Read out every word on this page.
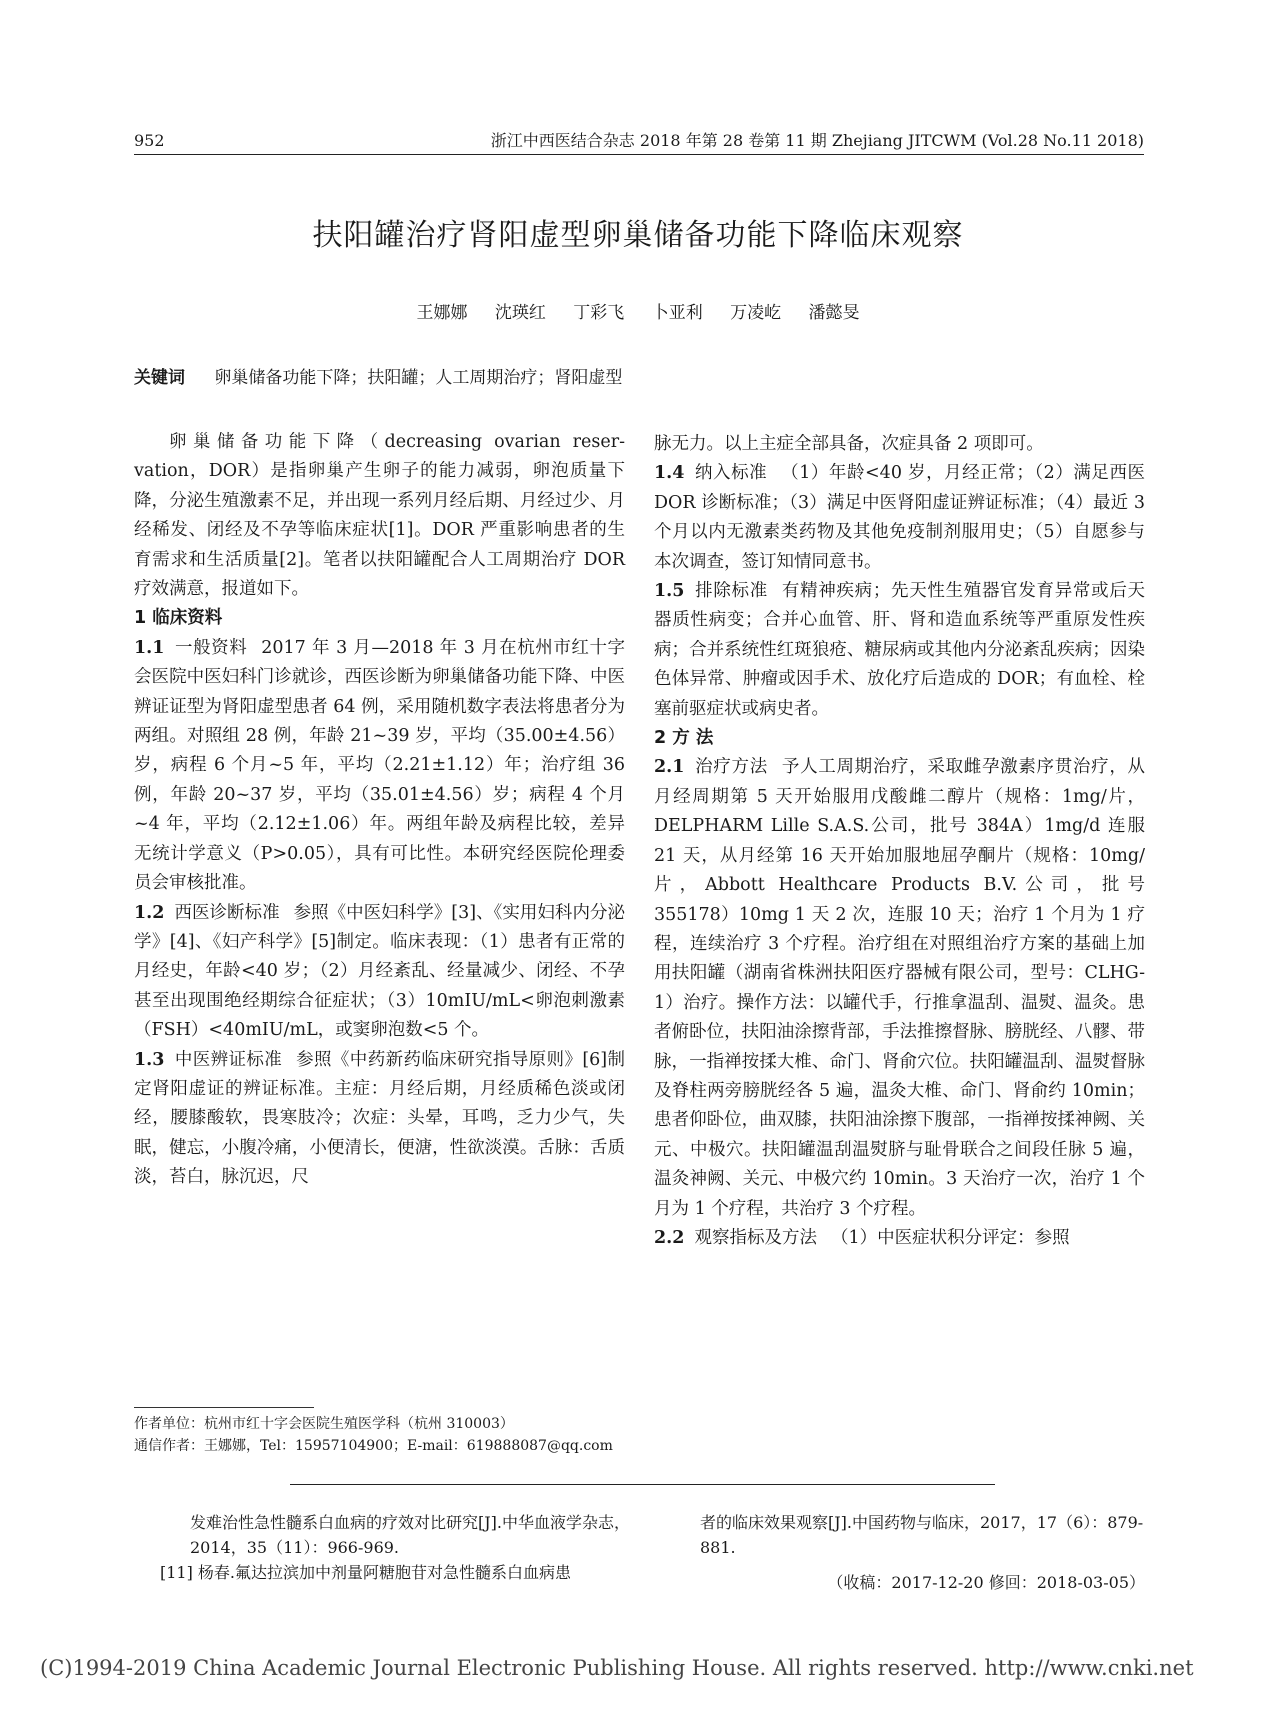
952	浙江中西医结合杂志 2018 年第 28 卷第 11 期 Zhejiang JITCWM (Vol.28 No.11 2018)
扶阳罐治疗肾阳虚型卵巢储备功能下降临床观察
王娜娜 沈瑛红 丁彩飞 卜亚利 万凌屹 潘懿旻
关键词 卵巢储备功能下降；扶阳罐；人工周期治疗；肾阳虚型

卵巢储备功能下降（decreasing ovarian reser-vation，DOR）是指卵巢产生卵子的能力减弱，卵泡质量下降，分泌生殖激素不足，并出现一系列月经后期、月经过少、月经稀发、闭经及不孕等临床症状[1]。DOR 严重影响患者的生育需求和生活质量[2]。笔者以扶阳罐配合人工周期治疗 DOR 疗效满意，报道如下。

1 临床资料

1.1 一般资料 2017 年 3 月—2018 年 3 月在杭州市红十字会医院中医妇科门诊就诊，西医诊断为卵巢储备功能下降、中医辨证证型为肾阳虚型患者 64 例，采用随机数字表法将患者分为两组。对照组 28 例，年龄 21~39 岁，平均（35.00±4.56）岁，病程 6 个月~5 年，平均（2.21±1.12）年；治疗组 36 例，年龄 20~37 岁，平均（35.01±4.56）岁；病程 4 个月~4 年，平均（2.12±1.06）年。两组年龄及病程比较，差异无统计学意义（P>0.05），具有可比性。本研究经医院伦理委员会审核批准。

1.2 西医诊断标准 参照《中医妇科学》[3]、《实用妇科内分泌学》[4]、《妇产科学》[5]制定。临床表现：（1）患者有正常的月经史，年龄<40 岁；（2）月经紊乱、经量减少、闭经、不孕甚至出现围绝经期综合征症状；（3）10mIU/mL<卵泡刺激素（FSH）<40mIU/mL，或窦卵泡数<5 个。

1.3 中医辨证标准 参照《中药新药临床研究指导原则》[6]制定肾阳虚证的辨证标准。主症：月经后期，月经质稀色淡或闭经，腰膝酸软，畏寒肢冷；次症：头晕，耳鸣，乏力少气，失眠，健忘，小腹冷痛，小便清长，便溏，性欲淡漠。舌脉：舌质淡，苔白，脉沉迟，尺

脉无力。以上主症全部具备，次症具备 2 项即可。

1.4 纳入标准 （1）年龄<40 岁，月经正常；（2）满足西医 DOR 诊断标准；（3）满足中医肾阳虚证辨证标准；（4）最近 3 个月以内无激素类药物及其他免疫制剂服用史；（5）自愿参与本次调查，签订知情同意书。

1.5 排除标准 有精神疾病；先天性生殖器官发育异常或后天器质性病变；合并心血管、肝、肾和造血系统等严重原发性疾病；合并系统性红斑狼疮、糖尿病或其他内分泌紊乱疾病；因染色体异常、肿瘤或因手术、放化疗后造成的 DOR；有血栓、栓塞前驱症状或病史者。

2 方 法

2.1 治疗方法 予人工周期治疗，采取雌孕激素序贯治疗，从月经周期第 5 天开始服用戊酸雌二醇片（规格：1mg/片，DELPHARM Lille S.A.S.公司，批号 384A）1mg/d 连服 21 天，从月经第 16 天开始加服地屈孕酮片（规格：10mg/片，Abbott Healthcare Products B.V.公司，批号 355178）10mg 1 天 2 次，连服 10 天；治疗 1 个月为 1 疗程，连续治疗 3 个疗程。治疗组在对照组治疗方案的基础上加用扶阳罐（湖南省株洲扶阳医疗器械有限公司，型号：CLHG-1）治疗。操作方法：以罐代手，行推拿温刮、温熨、温灸。患者俯卧位，扶阳油涂擦背部，手法推擦督脉、膀胱经、八髎、带脉，一指禅按揉大椎、命门、肾俞穴位。扶阳罐温刮、温熨督脉及脊柱两旁膀胱经各 5 遍，温灸大椎、命门、肾俞约 10min；患者仰卧位，曲双膝，扶阳油涂擦下腹部，一指禅按揉神阙、关元、中极穴。扶阳罐温刮温熨脐与耻骨联合之间段任脉 5 遍，温灸神阙、关元、中极穴约 10min。3 天治疗一次，治疗 1 个月为 1 个疗程，共治疗 3 个疗程。

2.2 观察指标及方法 （1）中医症状积分评定：参照

作者单位：杭州市红十字会医院生殖医学科（杭州 310003）

通信作者：王娜娜，Tel：15957104900；E-mail：619888087@qq.com

发难治性急性髓系白血病的疗效对比研究[J].中华血液学杂志，2014，35（11）：966-969.

[11] 杨春.氟达拉滨加中剂量阿糖胞苷对急性髓系白血病患

者的临床效果观察[J].中国药物与临床，2017，17（6）：879-881.

（收稿：2017-12-20 修回：2018-03-05）

(C)1994-2019 China Academic Journal Electronic Publishing House. All rights reserved. http://www.cnki.net
